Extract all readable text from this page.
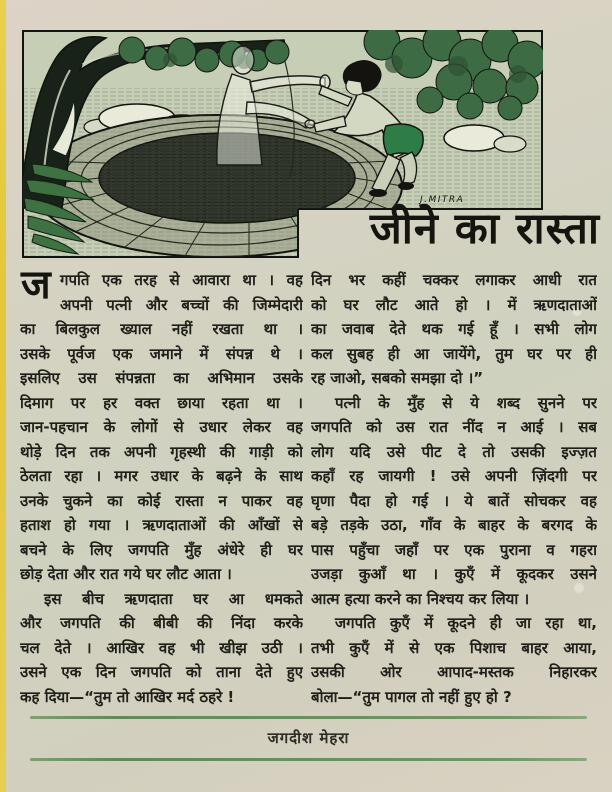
J.MITRA
जीने का रास्ता
ज गपति एक तरह से आवारा था । वह
अपनी पत्नी और बच्चों की जिम्मेदारी
का बिलकुल ख्याल नहीं रखता था ।
उसके पूर्वज एक जमाने में संपन्न थे ।
इसलिए उस संपन्नता का अभिमान उसके
दिमाग पर हर वक्त छाया रहता था ।
जान-पहचान के लोगों से उधार लेकर वह
थोड़े दिन तक अपनी गृहस्थी की गाड़ी को
ठेलता रहा । मगर उधार के बढ़ने के साथ
उनके चुकने का कोई रास्ता न पाकर वह
हताश हो गया । ऋणदाताओं की आँखों से
बचने के लिए जगपति मुँह अंधेरे ही घर
छोड़ देता और रात गये घर लौट आता ।
इस बीच ऋणदाता घर आ धमकते
और जगपति की बीबी की निंदा करके
चल देते । आखिर वह भी खीझ उठी ।
उसने एक दिन जगपति को ताना देते हुए
कह दिया—“तुम तो आखिर मर्द ठहरे !
दिन भर कहीं चक्कर लगाकर आधी रात
को घर लौट आते हो । में ऋणदाताओं
का जवाब देते थक गई हूँ । सभी लोग
कल सुबह ही आ जायेंगे, तुम घर पर ही
रह जाओ, सबको समझा दो ।”
पत्नी के मुँह से ये शब्द सुनने पर
जगपति को उस रात नींद न आई । सब
लोग यदि उसे पीट दे तो उसकी इज्ज़त
कहाँ रह जायगी ! उसे अपनी ज़िंदगी पर
घृणा पैदा हो गई । ये बातें सोचकर वह
बड़े तड़के उठा, गाँव के बाहर के बरगद के
पास पहुँचा जहाँ पर एक पुराना व गहरा
उजड़ा कुआँ था । कुएँ में कूदकर उसने
आत्म हत्या करने का निश्चय कर लिया ।
जगपति कुएँ में कूदने ही जा रहा था,
तभी कुएँ में से एक पिशाच बाहर आया,
उसकी ओर आपाद-मस्तक निहारकर
बोला—“तुम पागल तो नहीं हुए हो ?
जगदीश मेहरा
